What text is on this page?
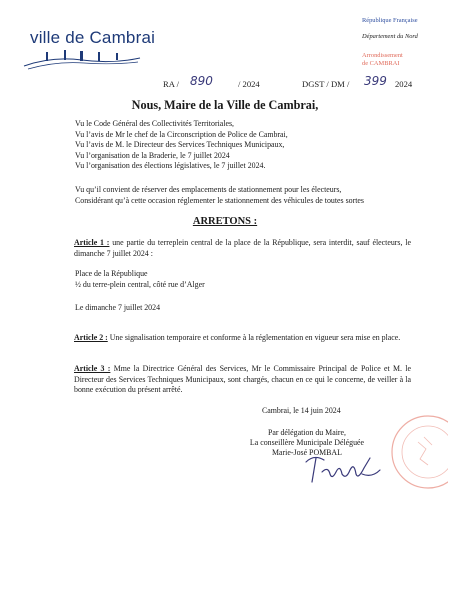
ville de Cambrai
République Française
Département du Nord
Arrondissement
de CAMBRAI
RA / 890	/ 2024	DGST / DM / 399 2024
Nous, Maire de la Ville de Cambrai,
Vu le Code Général des Collectivités Territoriales,
Vu l’avis de Mr le chef de la Circonscription de Police de Cambrai,
Vu l’avis de M. le Directeur des Services Techniques Municipaux,
Vu l’organisation de la Braderie, le 7 juillet 2024
Vu l’organisation des élections législatives, le 7 juillet 2024.
Vu qu’il convient de réserver des emplacements de stationnement pour les électeurs,
Considérant qu’à cette occasion réglementer le stationnement des véhicules de toutes sortes
ARRETONS :
Article 1 : une partie du terreplein central de la place de la République, sera interdit, sauf électeurs, le dimanche 7 juillet 2024 :
Place de la République
½ du terre-plein central, côté rue d’Alger
Le dimanche 7 juillet 2024
Article 2 : Une signalisation temporaire et conforme à la réglementation en vigueur sera mise en place.
Article 3 : Mme la Directrice Général des Services, Mr le Commissaire Principal de Police et M. le Directeur des Services Techniques Municipaux, sont chargés, chacun en ce qui le concerne, de veiller à la bonne exécution du présent arrêté.
Cambrai, le 14 juin 2024
Par délégation du Maire,
La conseillère Municipale Déléguée
Marie-José POMBAL
